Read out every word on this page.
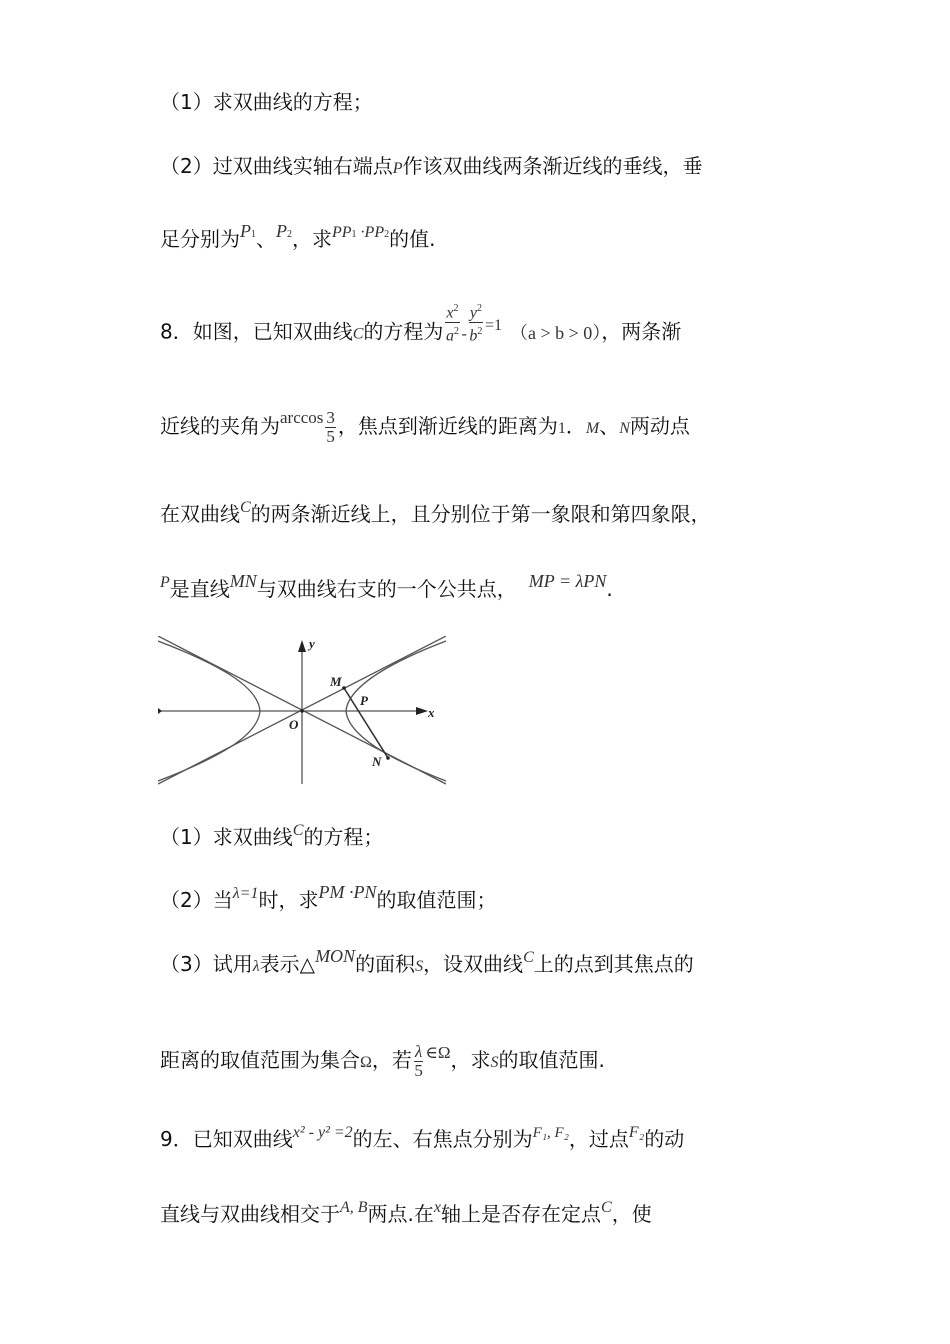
（1）求双曲线的方程；
（2）过双曲线实轴右端点P作该双曲线两条渐近线的垂线，垂
足分别为P1、P2，求$^{PP1 \cdot PP2}$的值.
8．如图，已知双曲线C的方程为 $\frac{x^2}{a^2} - \frac{y^2}{b^2} ^{=1}$ （a > b > 0），两条渐
近线的夹角为$^{arccos} \frac{3}{5}$ ，焦点到渐近线的距离为1．M、N两动点
在双曲线$^C$的两条渐近线上，且分别位于第一象限和第四象限，
$^P$是直线MN与双曲线右支的一个公共点， MP = λPN.
y
x
O
M
P
N
（1）求双曲线$^C$的方程；
（2）当$^{\lambda=1}$时，求PM ·PN的取值范围；
（3）试用λ表示△MON的面积S，设双曲线$^C$上的点到其焦点的
距离的取值范围为集合Ω，若 $\frac{\lambda}{5} ^{\in\Omega}$，求S的取值范围.
9．已知双曲线$^{x^2 - y^2 =2}$的左、右焦点分别为$^{F_1, F_2}$，过点$^{F_2}$的动
直线与双曲线相交于$^{A, B}$两点.在$^x$轴上是否存在定点$^C$，使
